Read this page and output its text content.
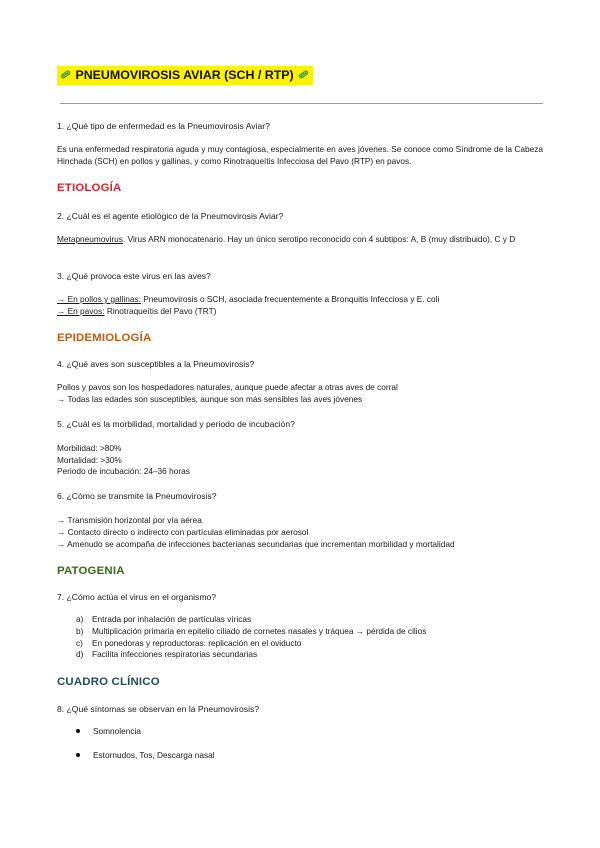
PNEUMOVIROSIS AVIAR (SCH / RTP)
1. ¿Qué tipo de enfermedad es la Pneumovirosis Aviar?
Es una enfermedad respiratoria aguda y muy contagiosa, especialmente en aves jóvenes. Se conoce como Síndrome de la Cabeza Hinchada (SCH) en pollos y gallinas, y como Rinotraqueítis Infecciosa del Pavo (RTP) en pavos.
ETIOLOGÍA
2. ¿Cuál es el agente etiológico de la Pneumovirosis Aviar?
Metapneumovirus. Virus ARN monocatenario. Hay un único serotipo reconocido con 4 subtipos: A, B (muy distribuido), C y D
3. ¿Qué provoca este virus en las aves?
→ En pollos y gallinas: Pneumovirosis o SCH, asociada frecuentemente a Bronquitis Infecciosa y E. coli
→ En pavos: Rinotraqueítis del Pavo (TRT)
EPIDEMIOLOGÍA
4. ¿Qué aves son susceptibles a la Pneumovirosis?
Pollos y pavos son los hospedadores naturales, aunque puede afectar a otras aves de corral
→ Todas las edades son susceptibles, aunque son más sensibles las aves jóvenes
5. ¿Cuál es la morbilidad, mortalidad y periodo de incubación?
Morbilidad: >80%
Mortalidad: >30%
Periodo de incubación: 24–36 horas
6. ¿Cómo se transmite la Pneumovirosis?
→ Transmisión horizontal por vía aérea
→ Contacto directo o indirecto con partículas eliminadas por aerosol
→ Amenudo se acompaña de infecciones bacterianas secundarias que incrementan morbilidad y mortalidad
PATOGENIA
7. ¿Cómo actúa el virus en el organismo?
a) Entrada por inhalación de partículas víricas
b) Multiplicación primaria en epitelio ciliado de cornetes nasales y tráquea → pérdida de cilios
c) En ponedoras y reproductoras: replicación en el oviducto
d) Facilita infecciones respiratorias secundarias
CUADRO CLÍNICO
8. ¿Qué síntomas se observan en la Pneumovirosis?
Somnolencia
Estornudos, Tos, Descarga nasal
